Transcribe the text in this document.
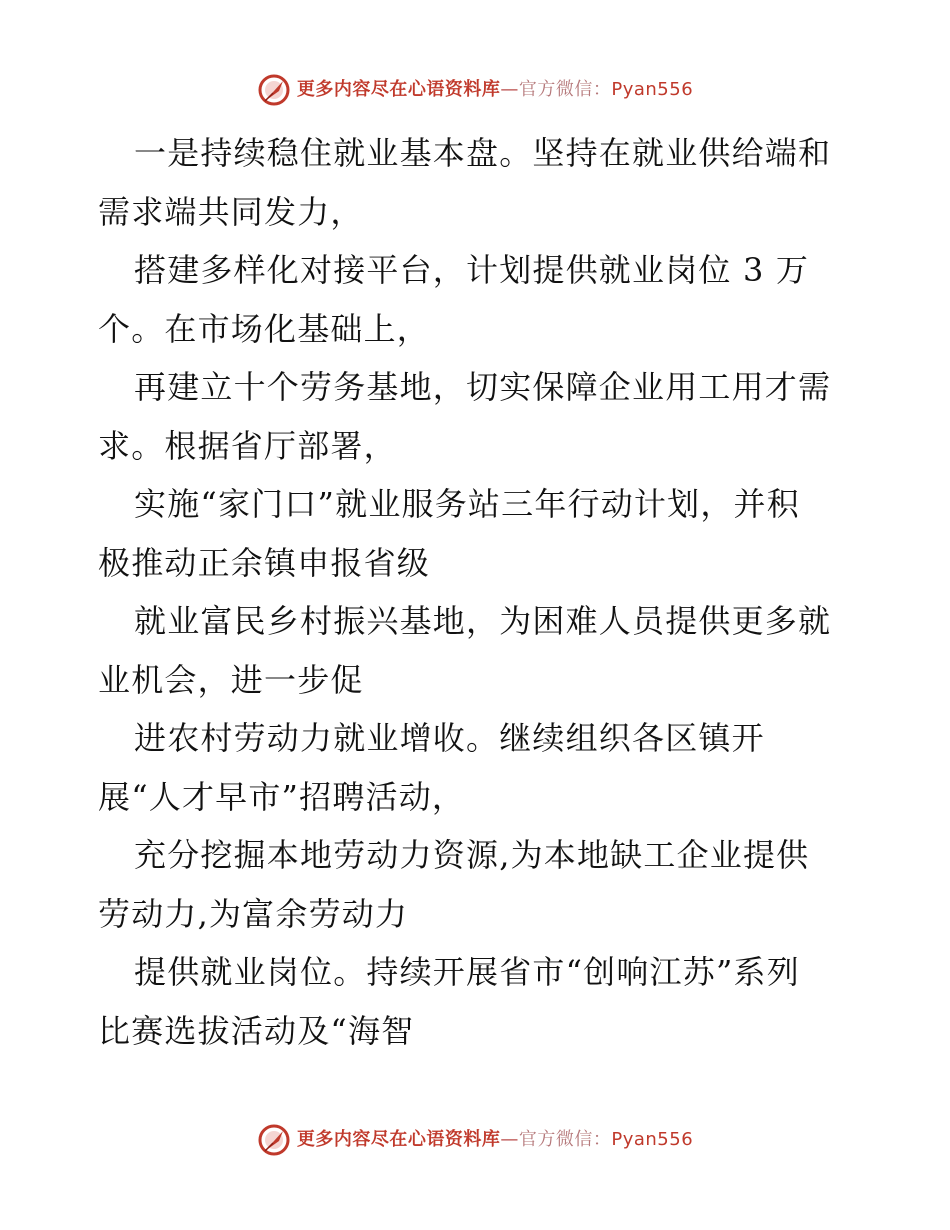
更多内容尽在心语资料库—官方微信：Pyan556

一是持续稳住就业基本盘。坚持在就业供给端和
需求端共同发力，

搭建多样化对接平台，计划提供就业岗位 3 万
个。在市场化基础上，

再建立十个劳务基地，切实保障企业用工用才需
求。根据省厅部署，

实施“家门口”就业服务站三年行动计划，并积
极推动正余镇申报省级

就业富民乡村振兴基地，为困难人员提供更多就
业机会，进一步促

进农村劳动力就业增收。继续组织各区镇开
展“人才早市”招聘活动，

充分挖掘本地劳动力资源,为本地缺工企业提供
劳动力,为富余劳动力

提供就业岗位。持续开展省市“创响江苏”系列
比赛选拔活动及“海智

更多内容尽在心语资料库—官方微信：Pyan556
